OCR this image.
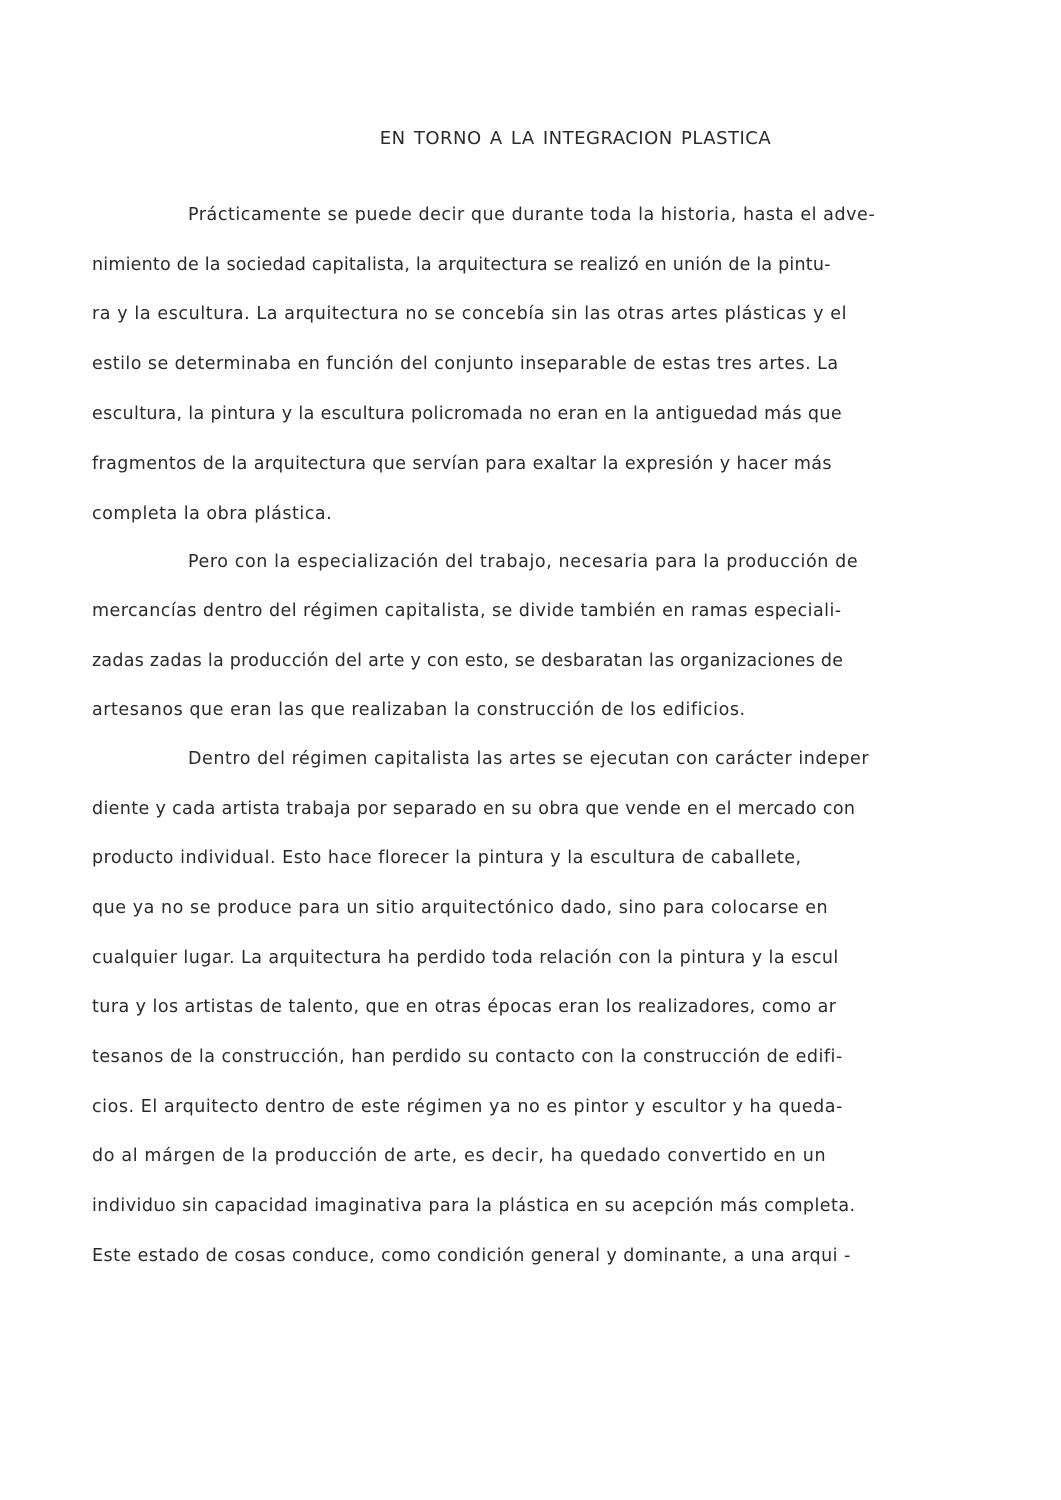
EN TORNO A LA INTEGRACION PLASTICA
Prácticamente se puede decir que durante toda la historia, hasta el adve-
nimiento de la sociedad capitalista, la arquitectura se realizó en unión de la pintu-
ra y la escultura. La arquitectura no se concebía sin las otras artes plásticas y el
estilo se determinaba en función del conjunto inseparable de estas tres artes. La
escultura, la pintura y la escultura policromada no eran en la antiguedad más que
fragmentos de la arquitectura que servían para exaltar la expresión y hacer más
completa la obra plástica.
Pero con la especialización del trabajo, necesaria para la producción de
mercancías dentro del régimen capitalista, se divide también en ramas especiali-
zadas zadas la producción del arte y con esto, se desbaratan las organizaciones de
artesanos que eran las que realizaban la construcción de los edificios.
Dentro del régimen capitalista las artes se ejecutan con carácter indeper
diente y cada artista trabaja por separado en su obra que vende en el mercado con
producto individual. Esto hace florecer la pintura y la escultura de caballete,
que ya no se produce para un sitio arquitectónico dado, sino para colocarse en
cualquier lugar. La arquitectura ha perdido toda relación con la pintura y la escul
tura y los artistas de talento, que en otras épocas eran los realizadores, como ar
tesanos de la construcción, han perdido su contacto con la construcción de edifi-
cios. El arquitecto dentro de este régimen ya no es pintor y escultor y ha queda-
do al márgen de la producción de arte, es decir, ha quedado convertido en un
individuo sin capacidad imaginativa para la plástica en su acepción más completa.
Este estado de cosas conduce, como condición general y dominante, a una arqui -
